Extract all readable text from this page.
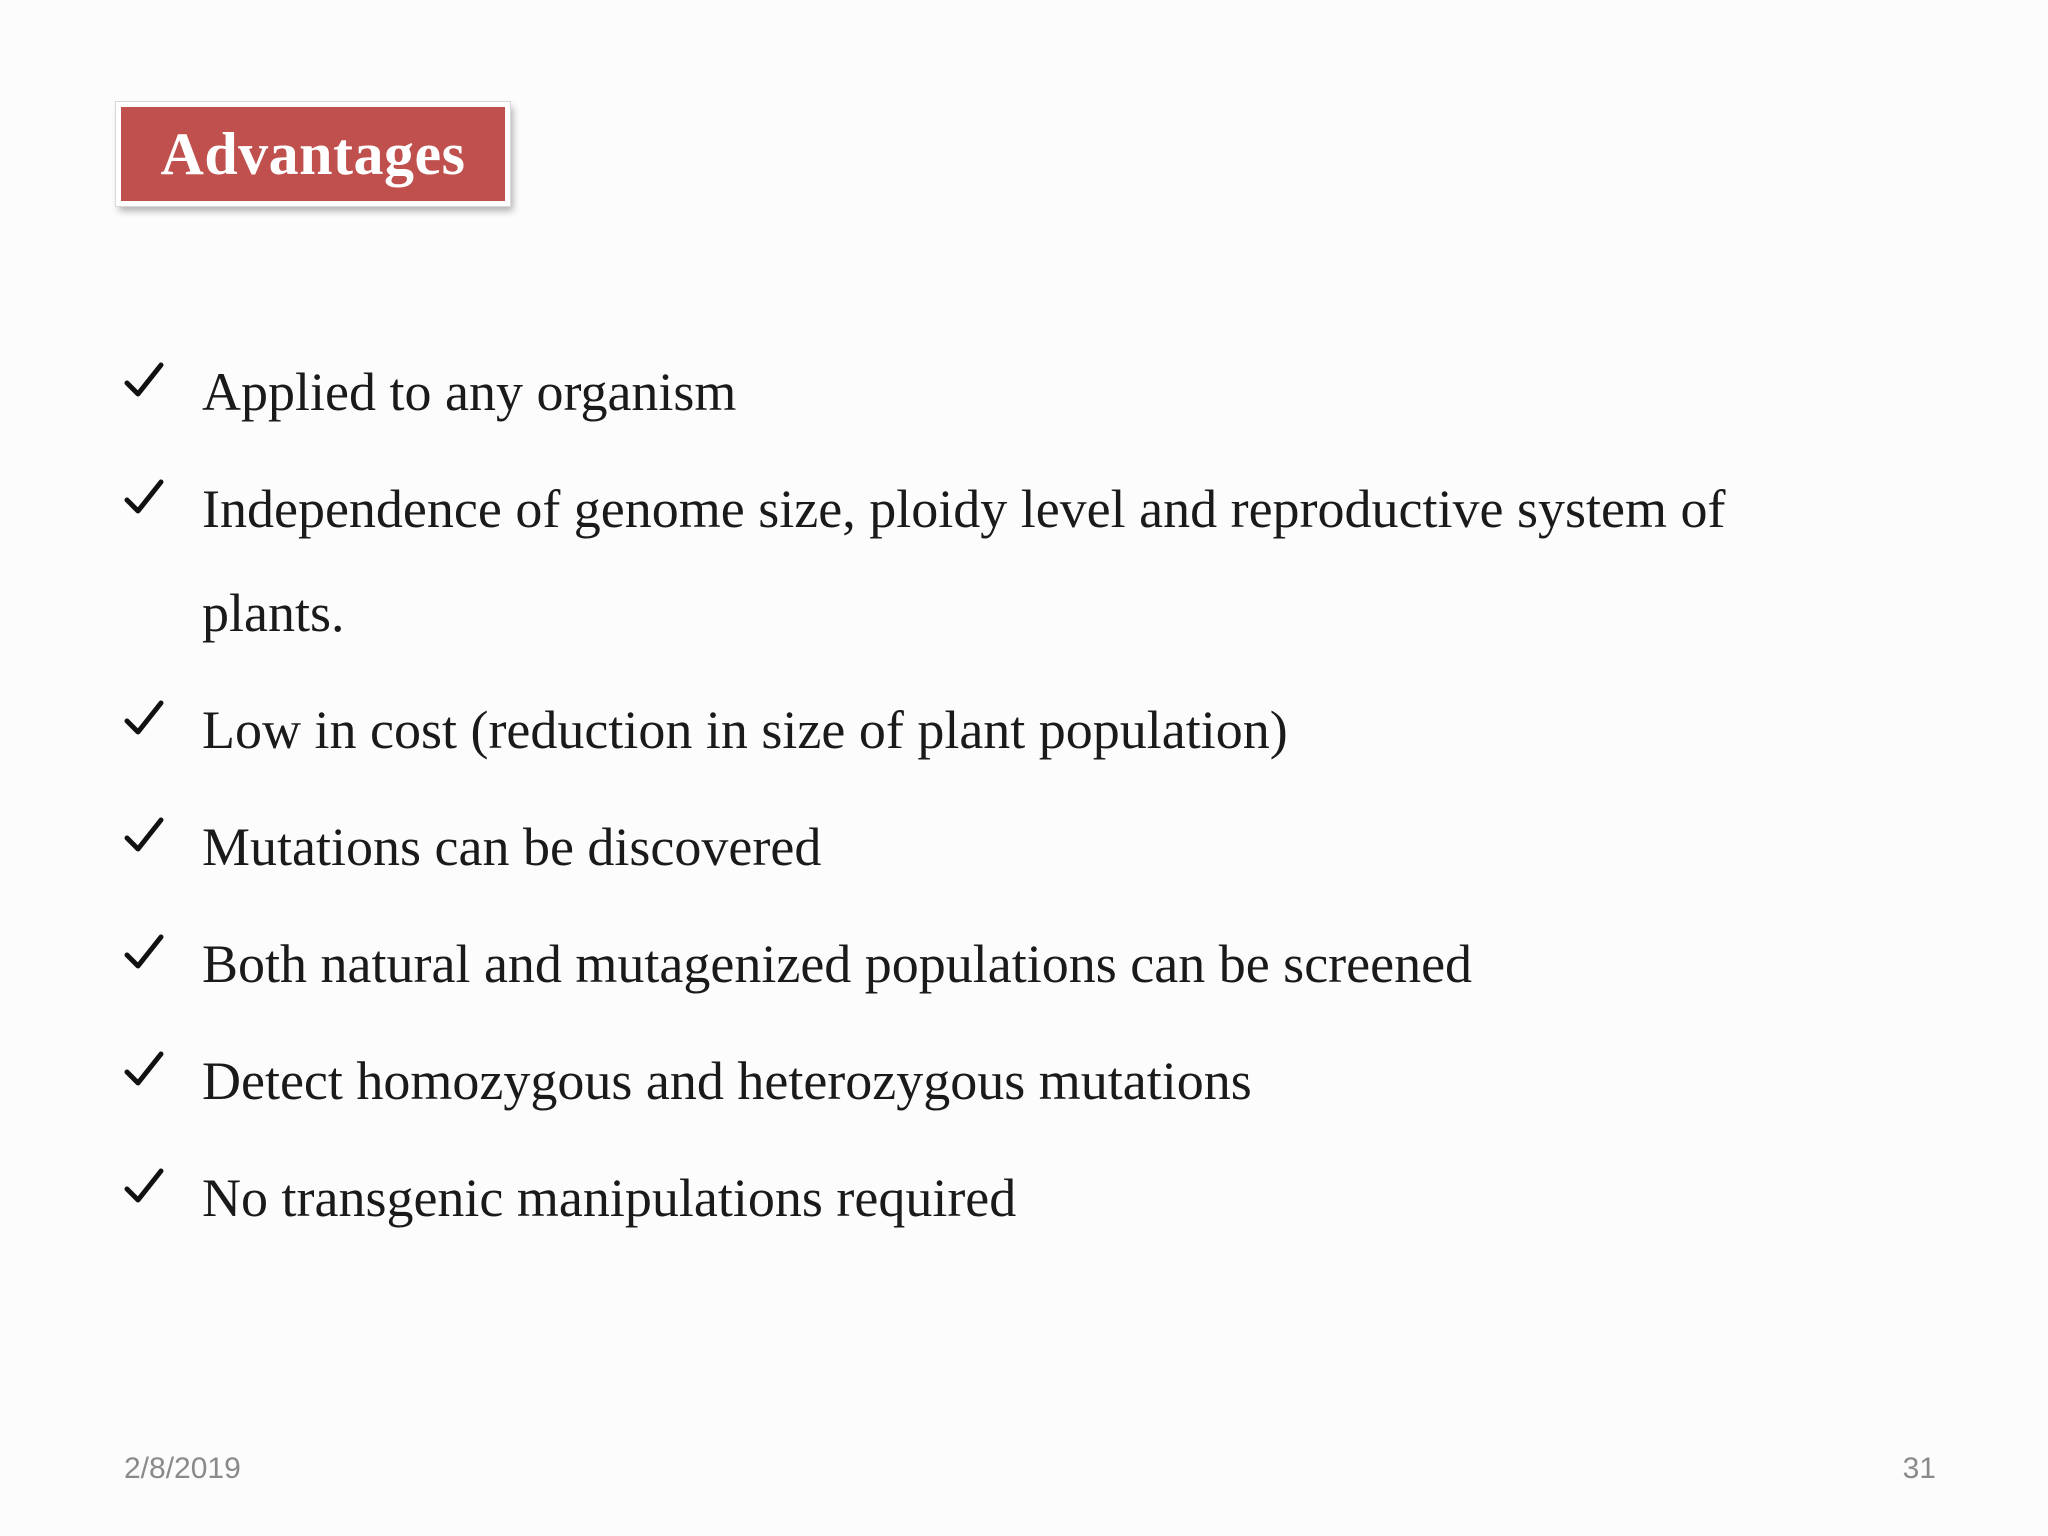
Advantages
Applied to any organism
Independence of genome size, ploidy level and reproductive system of plants.
Low in cost (reduction in size of plant population)
Mutations can be discovered
Both natural and mutagenized populations can be screened
Detect homozygous and heterozygous mutations
No transgenic manipulations required
2/8/2019	31
